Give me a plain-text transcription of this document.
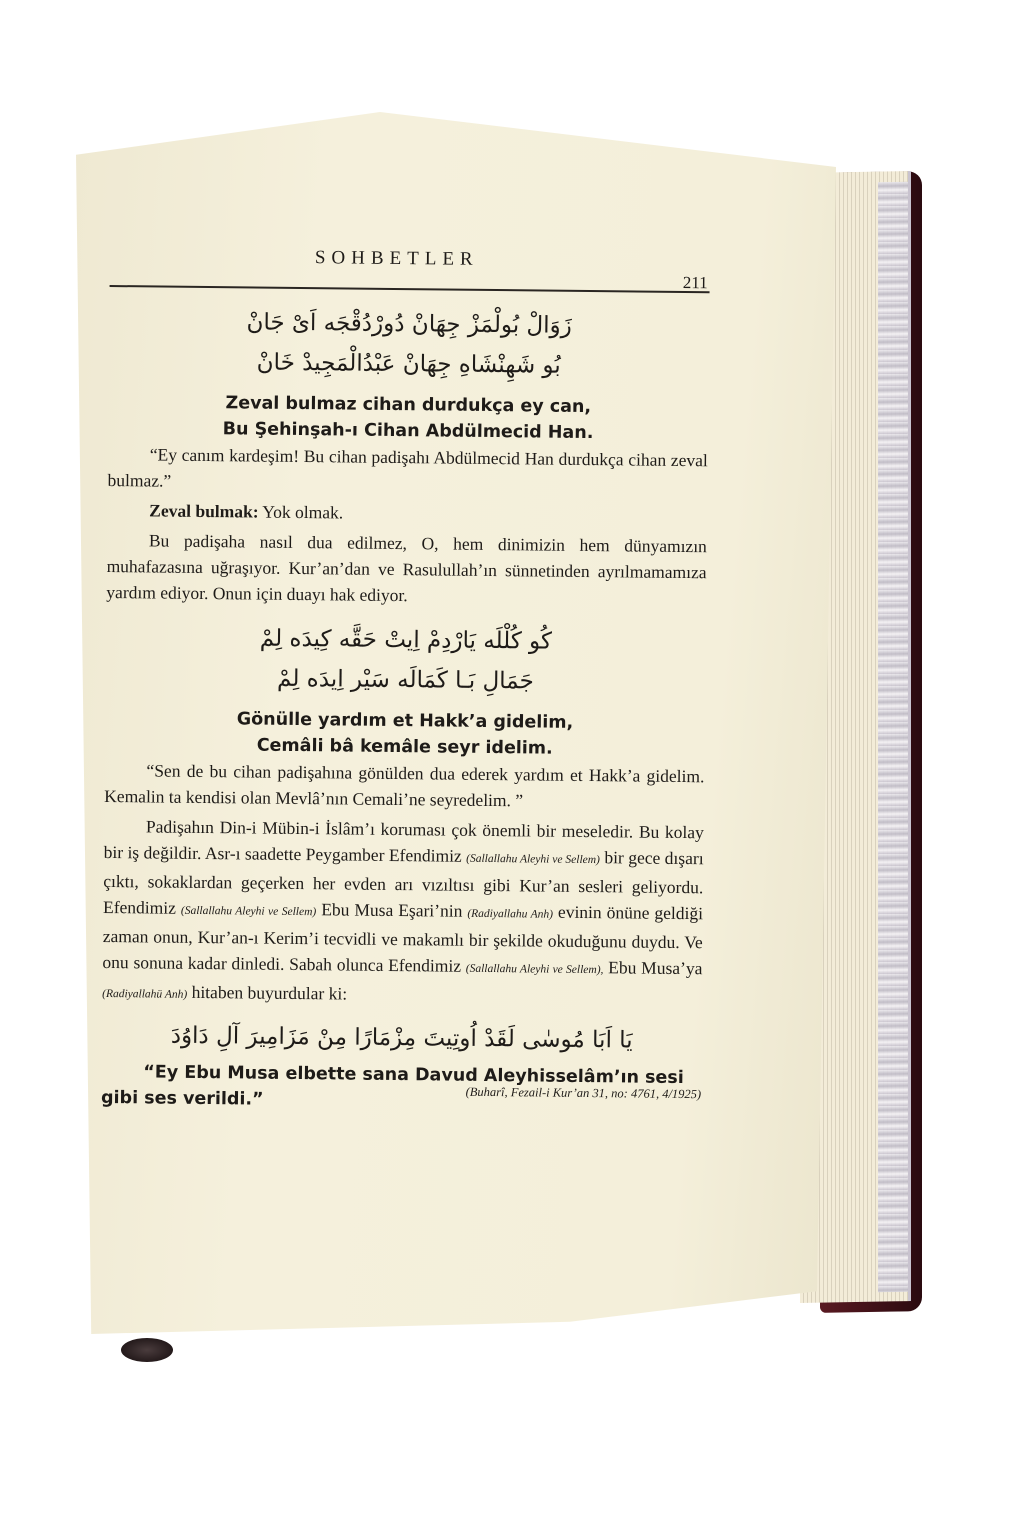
SOHBETLER
211

زَوَالْ بُولْمَزْ جِهَانْ دُورْدُقْجَه اَیْ جَانْ

بُو شَهِنْشَاهِ جِهَانْ عَبْدُالْمَجِیدْ خَانْ

Zeval bulmaz cihan durdukça ey can,

Bu Şehinşah-ı Cihan Abdülmecid Han.

“Ey canım kardeşim! Bu cihan padişahı Abdülmecid Han durdukça cihan zeval bulmaz.”

Zeval bulmak: Yok olmak.

Bu padişaha nasıl dua edilmez, O, hem dinimizin hem dünyamızın muhafazasına uğraşıyor. Kur’an’dan ve Rasulullah’ın sünnetinden ayrılmamamıza yardım ediyor. Onun için duayı hak ediyor.

كُو كُلْلَه يَارْدِمْ اِيتْ حَقَّه كِيدَه لِمْ

جَمَالِ بَـا كَمَالَه سَيْر اِيدَه لِمْ

Gönülle yardım et Hakk’a gidelim,

Cemâli bâ kemâle seyr idelim.

“Sen de bu cihan padişahına gönülden dua ederek yardım et Hakk’a gidelim. Kemalin ta kendisi olan Mevlâ’nın Cemali’ne seyredelim. ”

Padişahın Din-i Mübin-i İslâm’ı koruması çok önemli bir meseledir. Bu kolay bir iş değildir. Asr-ı saadette Peygamber Efendimiz (Sallallahu Aleyhi ve Sellem) bir gece dışarı çıktı, sokaklardan geçerken her evden arı vızıltısı gibi Kur’an sesleri geliyordu. Efendimiz (Sallallahu Aleyhi ve Sellem) Ebu Musa Eşari’nin (Radiyallahu Anh) evinin önüne geldiği zaman onun, Kur’an-ı Kerim’i tecvidli ve makamlı bir şekilde okuduğunu duydu. Ve onu sonuna kadar dinledi. Sabah olunca Efendimiz (Sallallahu Aleyhi ve Sellem), Ebu Musa’ya (Radiyallahü Anh) hitaben buyurdular ki:

يَا اَبَا مُوسٰى لَقَدْ اُوتِيتَ مِزْمَارًا مِنْ مَزَامِيرَ آلِ دَاوُدَ

“Ey Ebu Musa elbette sana Davud Aleyhisselâm’ın sesi gibi ses verildi.”	(Buharî, Fezail-i Kur’an 31, no: 4761, 4/1925)
